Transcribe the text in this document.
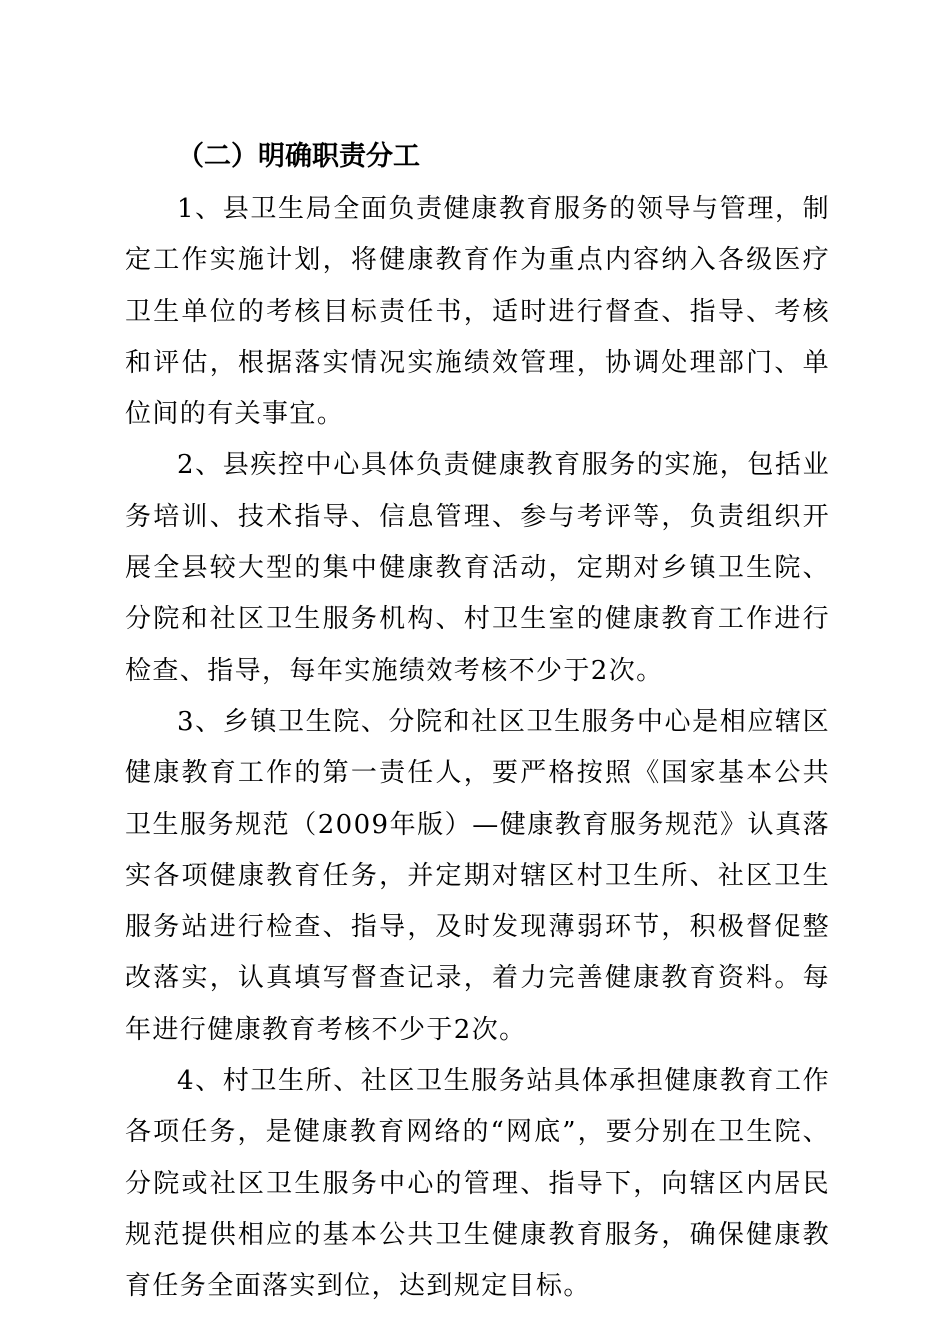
（二）明确职责分工

1、县卫生局全面负责健康教育服务的领导与管理，制定工作实施计划，将健康教育作为重点内容纳入各级医疗卫生单位的考核目标责任书，适时进行督查、指导、考核和评估，根据落实情况实施绩效管理，协调处理部门、单位间的有关事宜。

2、县疾控中心具体负责健康教育服务的实施，包括业务培训、技术指导、信息管理、参与考评等，负责组织开展全县较大型的集中健康教育活动，定期对乡镇卫生院、分院和社区卫生服务机构、村卫生室的健康教育工作进行检查、指导，每年实施绩效考核不少于2次。

3、乡镇卫生院、分院和社区卫生服务中心是相应辖区健康教育工作的第一责任人，要严格按照《国家基本公共卫生服务规范（2009年版）—健康教育服务规范》认真落实各项健康教育任务，并定期对辖区村卫生所、社区卫生服务站进行检查、指导，及时发现薄弱环节，积极督促整改落实，认真填写督查记录，着力完善健康教育资料。每年进行健康教育考核不少于2次。

4、村卫生所、社区卫生服务站具体承担健康教育工作各项任务，是健康教育网络的“网底”，要分别在卫生院、分院或社区卫生服务中心的管理、指导下，向辖区内居民规范提供相应的基本公共卫生健康教育服务，确保健康教育任务全面落实到位，达到规定目标。
